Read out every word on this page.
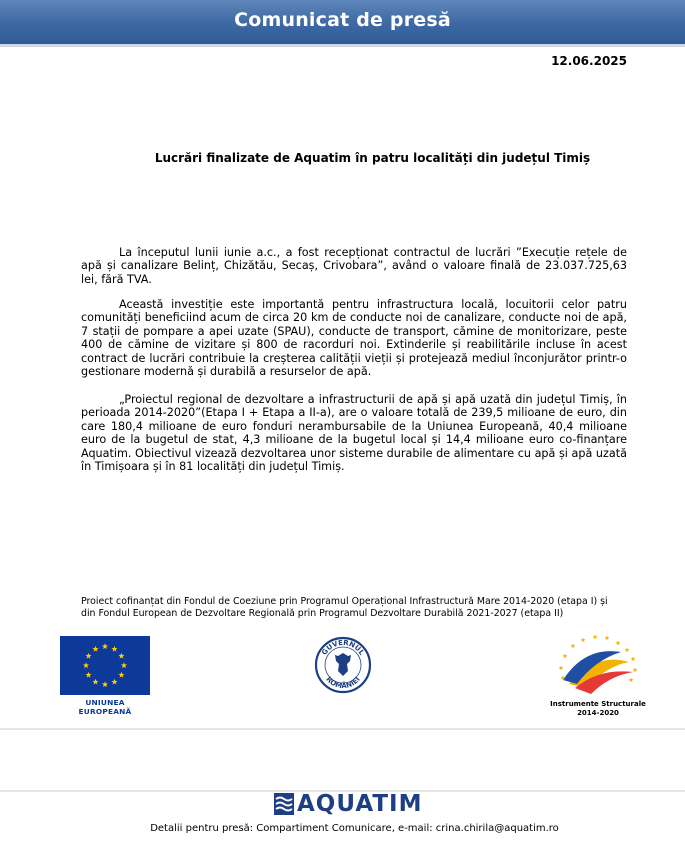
Comunicat de presă
12.06.2025
Lucrări finalizate de Aquatim în patru localități din județul Timiș

La începutul lunii iunie a.c., a fost recepționat contractul de lucrări ”Execuție rețele de apă și canalizare Belinț, Chizătău, Secaș, Crivobara”, având o valoare finală de 23.037.725,63 lei, fără TVA.

Această investiție este importantă pentru infrastructura locală, locuitorii celor patru comunități beneficiind acum de circa 20 km de conducte noi de canalizare, conducte noi de apă, 7 stații de pompare a apei uzate (SPAU), conducte de transport, cămine de monitorizare, peste 400 de cămine de vizitare și 800 de racorduri noi. Extinderile și reabilitările incluse în acest contract de lucrări contribuie la creșterea calității vieții și protejează mediul înconjurător printr-o gestionare modernă și durabilă a resurselor de apă.

„Proiectul regional de dezvoltare a infrastructurii de apă și apă uzată din județul Timiș, în perioada 2014-2020”(Etapa I + Etapa a II-a), are o valoare totală de 239,5 milioane de euro, din care 180,4 milioane de euro fonduri nerambursabile de la Uniunea Europeană, 40,4 milioane euro de la bugetul de stat, 4,3 milioane de la bugetul local și 14,4 milioane euro co-finanțare Aquatim. Obiectivul vizează dezvoltarea unor sisteme durabile de alimentare cu apă și apă uzată în Timișoara și în 81 localități din județul Timiș.

Proiect cofinanțat din Fondul de Coeziune prin Programul Operațional Infrastructură Mare 2014-2020 (etapa I) și
din Fondul European de Dezvoltare Regională prin Programul Dezvoltare Durabilă 2021-2027 (etapa II)
UNIUNEA EUROPEANĂ
GUVERNUL
ROMÂNIEI
Instrumente Structurale
2014-2020
AQUATIM
Detalii pentru presă: Compartiment Comunicare, e-mail: crina.chirila@aquatim.ro
